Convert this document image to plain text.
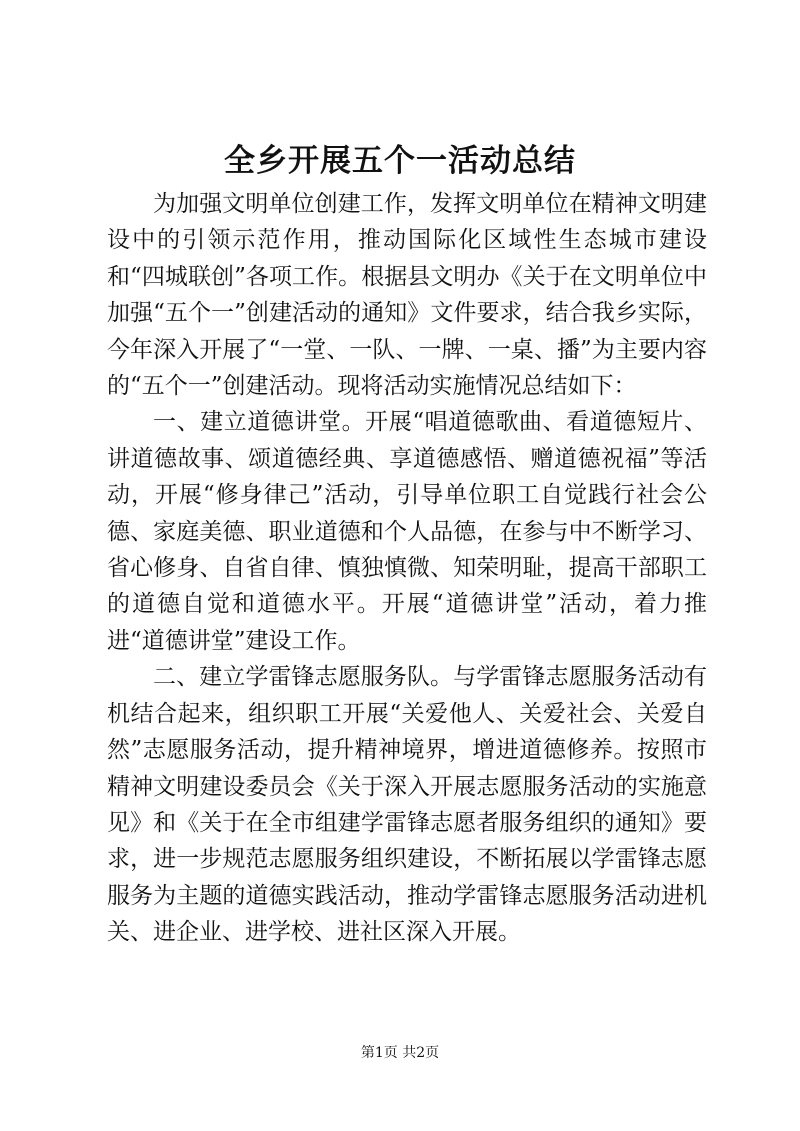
全乡开展五个一活动总结

为加强文明单位创建工作，发挥文明单位在精神文明建设中的引领示范作用，推动国际化区域性生态城市建设和“四城联创”各项工作。根据县文明办《关于在文明单位中加强“五个一”创建活动的通知》文件要求，结合我乡实际，今年深入开展了“一堂、一队、一牌、一桌、播”为主要内容的“五个一”创建活动。现将活动实施情况总结如下：

一、建立道德讲堂。开展“唱道德歌曲、看道德短片、讲道德故事、颂道德经典、享道德感悟、赠道德祝福”等活动，开展“修身律己”活动，引导单位职工自觉践行社会公德、家庭美德、职业道德和个人品德，在参与中不断学习、省心修身、自省自律、慎独慎微、知荣明耻，提高干部职工的道德自觉和道德水平。开展“道德讲堂”活动，着力推进“道德讲堂”建设工作。

二、建立学雷锋志愿服务队。与学雷锋志愿服务活动有机结合起来，组织职工开展“关爱他人、关爱社会、关爱自然”志愿服务活动，提升精神境界，增进道德修养。按照市精神文明建设委员会《关于深入开展志愿服务活动的实施意见》和《关于在全市组建学雷锋志愿者服务组织的通知》要求，进一步规范志愿服务组织建设，不断拓展以学雷锋志愿服务为主题的道德实践活动，推动学雷锋志愿服务活动进机关、进企业、进学校、进社区深入开展。

第1页 共2页
